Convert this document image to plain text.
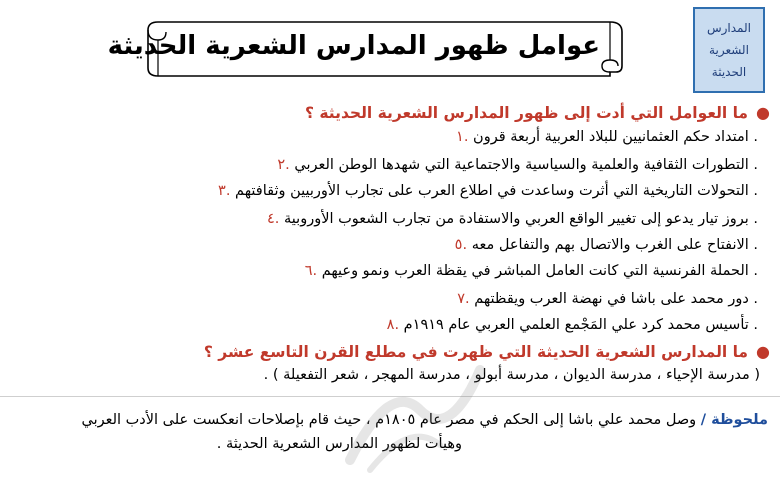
عوامل ظهور المدارس الشعرية الحديثة
المدارس
الشعرية
الحديثة
●ما العوامل التي أدت إلى ظهور المدارس الشعرية الحديثة ؟
١. امتداد حكم العثمانيين للبلاد العربية أربعة قرون .
٢. التطورات الثقافية والعلمية والسياسية والاجتماعية التي شهدها الوطن العربي .
٣. التحولات التاريخية التي أثرت وساعدت في اطلاع العرب على تجارب الأوربيين وثقافتهم .
٤. بروز تيار يدعو إلى تغيير الواقع العربي والاستفادة من تجارب الشعوب الأوروبية .
٥. الانفتاح على الغرب والاتصال بهم والتفاعل معه .
٦. الحملة الفرنسية التي كانت العامل المباشر في يقظة العرب ونمو وعيهم .
٧. دور محمد على باشا في نهضة العرب ويقظتهم .
٨. تأسيس محمد كرد علي المَجْمع العلمي العربي عام ١٩١٩م .
●ما المدارس الشعرية الحديثة التي ظهرت في مطلع القرن التاسع عشر ؟
( مدرسة الإحياء ، مدرسة الديوان ، مدرسة أبولو ، مدرسة المهجر ، شعر التفعيلة ) .
ملحوظة / وصل محمد علي باشا إلى الحكم في مصر عام ١٨٠٥م ، حيث قام بإصلاحات انعكست على الأدب العربي
وهيأت لظهور المدارس الشعرية الحديثة .
